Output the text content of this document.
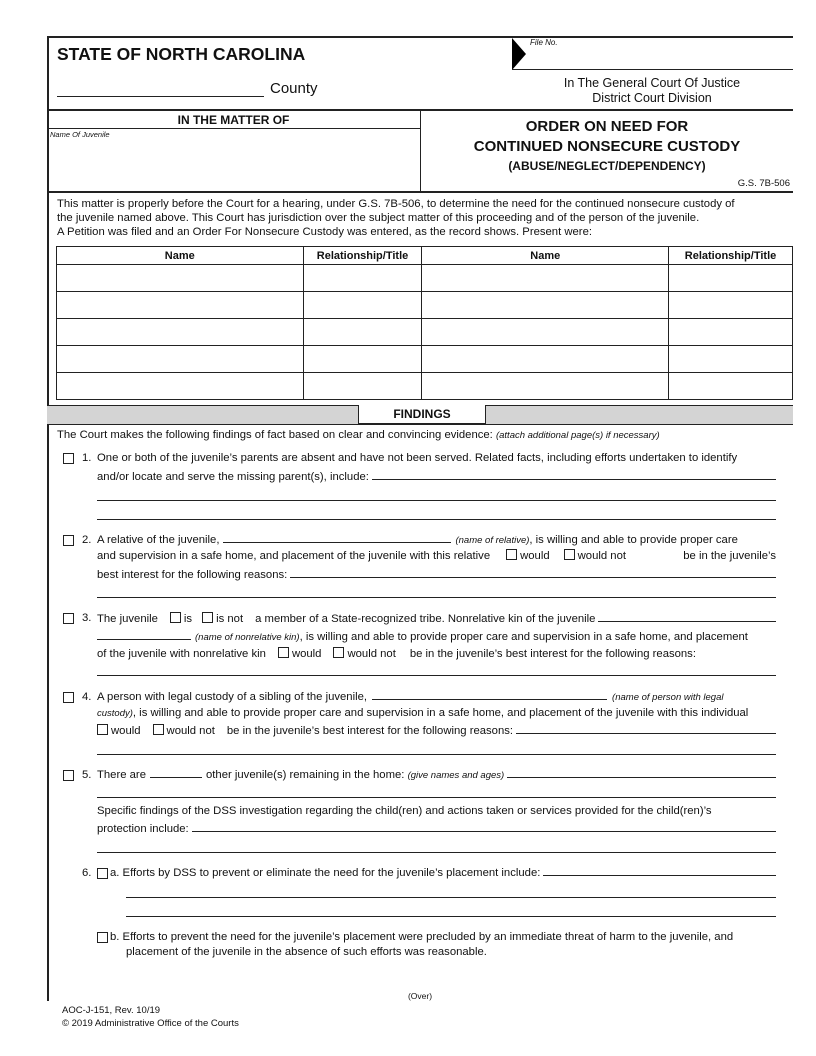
STATE OF NORTH CAROLINA
County
File No.
In The General Court Of Justice
District Court Division
IN THE MATTER OF
Name Of Juvenile	ORDER ON NEED FOR
CONTINUED NONSECURE CUSTODY
(ABUSE/NEGLECT/DEPENDENCY)
G.S. 7B-506
This matter is properly before the Court for a hearing, under G.S. 7B-506, to determine the need for the continued nonsecure custody of
the juvenile named above. This Court has jurisdiction over the subject matter of this proceeding and of the person of the juvenile.
A Petition was filed and an Order For Nonsecure Custody was entered, as the record shows. Present were:
Name	Relationship/Title	Name	Relationship/Title

FINDINGS
The Court makes the following findings of fact based on clear and convincing evidence: (attach additional page(s) if necessary)
1. One or both of the juvenile’s parents are absent and have not been served. Related facts, including efforts undertaken to identify
and/or locate and serve the missing parent(s), include:
2. A relative of the juvenile,	(name of relative) , is willing and able to provide proper care
and supervision in a safe home, and placement of the juvenile with this relative	would	would not	be in the juvenile’s
best interest for the following reasons:
3. The juvenile	is	is not a member of a State-recognized tribe. Nonrelative kin of the juvenile
(name of nonrelative kin) , is willing and able to provide proper care and supervision in a safe home, and placement
of the juvenile with nonrelative kin	would	would not be in the juvenile’s best interest for the following reasons:
4. A person with legal custody of a sibling of the juvenile,	(name of person with legal
custody) , is willing and able to provide proper care and supervision in a safe home, and placement of the juvenile with this individual
would	would not be in the juvenile’s best interest for the following reasons:
5. There are	other juvenile(s) remaining in the home:
(give names and ages)
Specific findings of the DSS investigation regarding the child(ren) and actions taken or services provided for the child(ren)’s
protection include:
6. a. Efforts by DSS to prevent or eliminate the need for the juvenile’s placement include:
b. Efforts to prevent the need for the juvenile’s placement were precluded by an immediate threat of harm to the juvenile, and
placement of the juvenile in the absence of such efforts was reasonable.
(Over)
AOC-J-151, Rev. 10/19
© 2019 Administrative Office of the Courts
